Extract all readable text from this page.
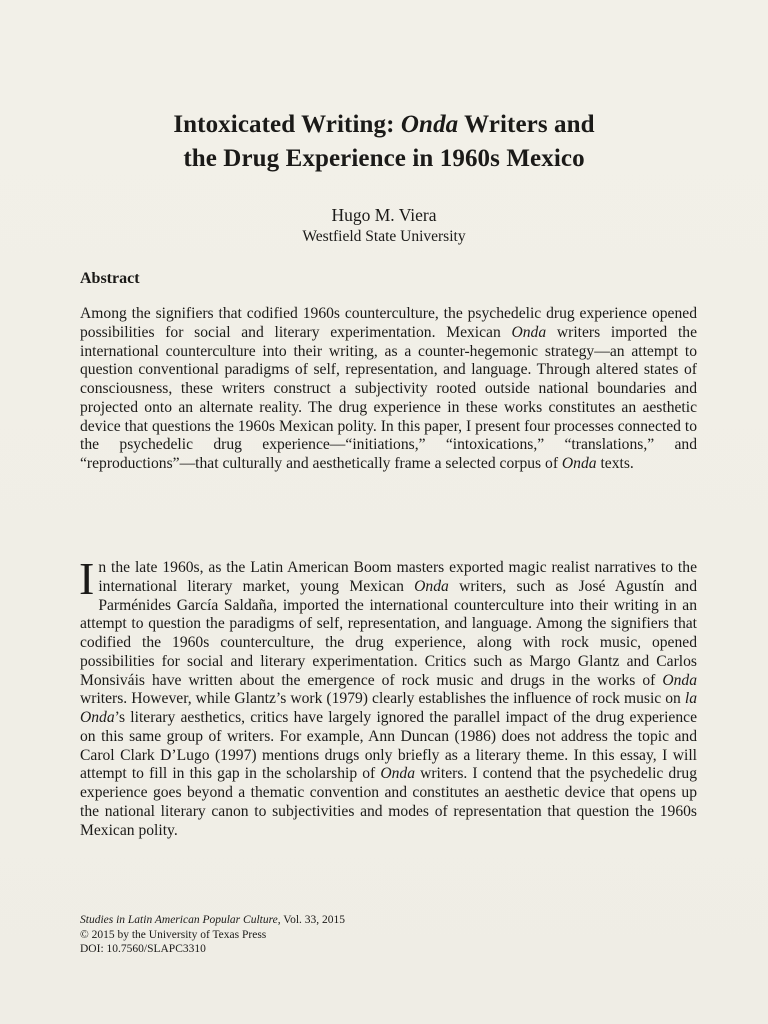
Intoxicated Writing: Onda Writers and
the Drug Experience in 1960s Mexico
Hugo M. Viera
Westfield State University
Abstract

Among the signifiers that codified 1960s counterculture, the psychedelic drug experience opened possibilities for social and literary experimentation. Mexican Onda writers imported the international counterculture into their writing, as a counter-hegemonic strategy—an attempt to question conventional paradigms of self, representation, and language. Through altered states of consciousness, these writers construct a subjectivity rooted outside national boundaries and projected onto an alternate reality. The drug experience in these works constitutes an aesthetic device that questions the 1960s Mexican polity. In this paper, I present four processes connected to the psychedelic drug experience—“initiations,” “intoxications,” “translations,” and “reproductions”—that culturally and aesthetically frame a selected corpus of Onda texts.

In the late 1960s, as the Latin American Boom masters exported magic realist narratives to the international literary market, young Mexican Onda writers, such as José Agustín and Parménides García Saldaña, imported the international counterculture into their writing in an attempt to question the paradigms of self, representation, and language. Among the signifiers that codified the 1960s counterculture, the drug experience, along with rock music, opened possibilities for social and literary experimentation. Critics such as Margo Glantz and Carlos Monsiváis have written about the emergence of rock music and drugs in the works of Onda writers. However, while Glantz’s work (1979) clearly establishes the influence of rock music on la Onda’s literary aesthetics, critics have largely ignored the parallel impact of the drug experience on this same group of writers. For example, Ann Duncan (1986) does not address the topic and Carol Clark D’Lugo (1997) mentions drugs only briefly as a literary theme. In this essay, I will attempt to fill in this gap in the scholarship of Onda writers. I contend that the psychedelic drug experience goes beyond a thematic convention and constitutes an aesthetic device that opens up the national literary canon to subjectivities and modes of representation that question the 1960s Mexican polity.

Studies in Latin American Popular Culture, Vol. 33, 2015
© 2015 by the University of Texas Press
DOI: 10.7560/SLAPC3310
